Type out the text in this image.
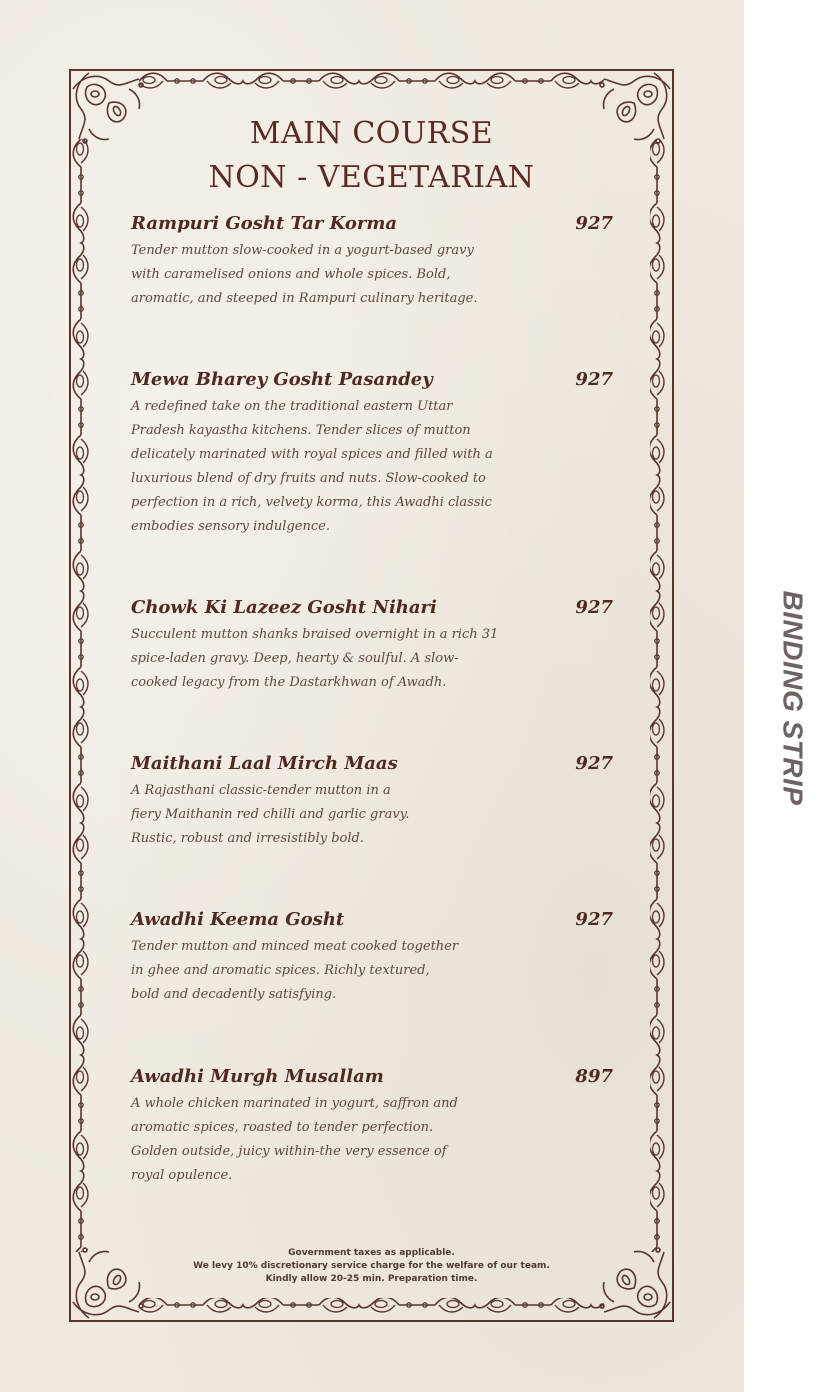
MAIN COURSE
NON - VEGETARIAN
Rampuri Gosht Tar Korma	927
Tender mutton slow-cooked in a yogurt-based gravy with caramelised onions and whole spices. Bold, aromatic, and steeped in Rampuri culinary heritage.
Mewa Bharey Gosht Pasandey	927
A redefined take on the traditional eastern Uttar Pradesh kayastha kitchens. Tender slices of mutton delicately marinated with royal spices and filled with a luxurious blend of dry fruits and nuts. Slow-cooked to perfection in a rich, velvety korma, this Awadhi classic embodies sensory indulgence.
Chowk Ki Lazeez Gosht Nihari	927
Succulent mutton shanks braised overnight in a rich 31 spice-laden gravy. Deep, hearty & soulful. A slow-cooked legacy from the Dastarkhwan of Awadh.
Maithani Laal Mirch Maas	927
A Rajasthani classic-tender mutton in a fiery Maithanin red chilli and garlic gravy. Rustic, robust and irresistibly bold.
Awadhi Keema Gosht	927
Tender mutton and minced meat cooked together in ghee and aromatic spices. Richly textured, bold and decadently satisfying.
Awadhi Murgh Musallam	897
A whole chicken marinated in yogurt, saffron and aromatic spices, roasted to tender perfection. Golden outside, juicy within-the very essence of royal opulence.
Government taxes as applicable.
We levy 10% discretionary service charge for the welfare of our team.
Kindly allow 20-25 min. Preparation time.
BINDING STRIP
